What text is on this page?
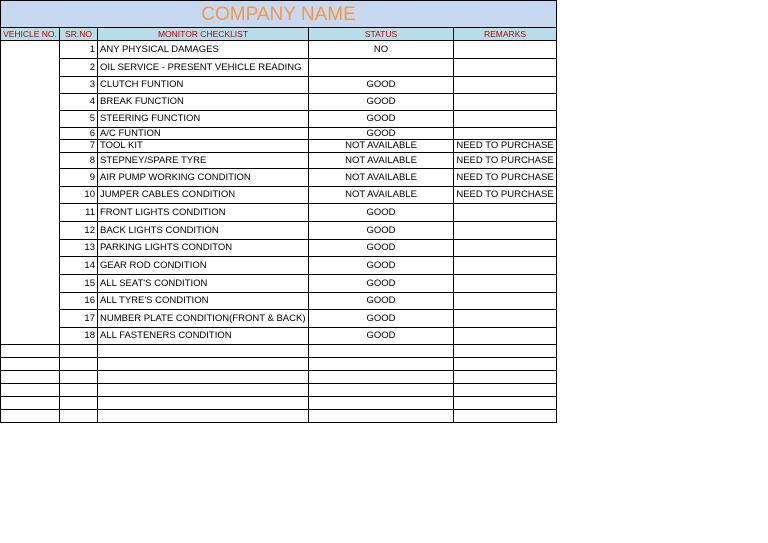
COMPANY NAME				
VEHICLE NO.	SR.NO	MONITOR CHECKLIST	STATUS	REMARKS
	1	ANY PHYSICAL DAMAGES	NO	
	2	OIL SERVICE - PRESENT VEHICLE READING		
	3	CLUTCH FUNTION	GOOD	
	4	BREAK FUNCTION	GOOD	
	5	STEERING FUNCTION	GOOD	
	6	A/C FUNTION	GOOD	
	7	TOOL KIT	NOT AVAILABLE	NEED TO PURCHASE
	8	STEPNEY/SPARE TYRE	NOT AVAILABLE	NEED TO PURCHASE
	9	AIR PUMP WORKING CONDITION	NOT AVAILABLE	NEED TO PURCHASE
	10	JUMPER CABLES CONDITION	NOT AVAILABLE	NEED TO PURCHASE
	11	FRONT LIGHTS CONDITION	GOOD	
	12	BACK LIGHTS CONDITION	GOOD	
	13	PARKING LIGHTS CONDITON	GOOD	
	14	GEAR ROD CONDITION	GOOD	
	15	ALL SEAT'S CONDITION	GOOD	
	16	ALL TYRE'S CONDITION	GOOD	
	17	NUMBER PLATE CONDITION(FRONT & BACK)	GOOD	
	18	ALL FASTENERS CONDITION	GOOD	
